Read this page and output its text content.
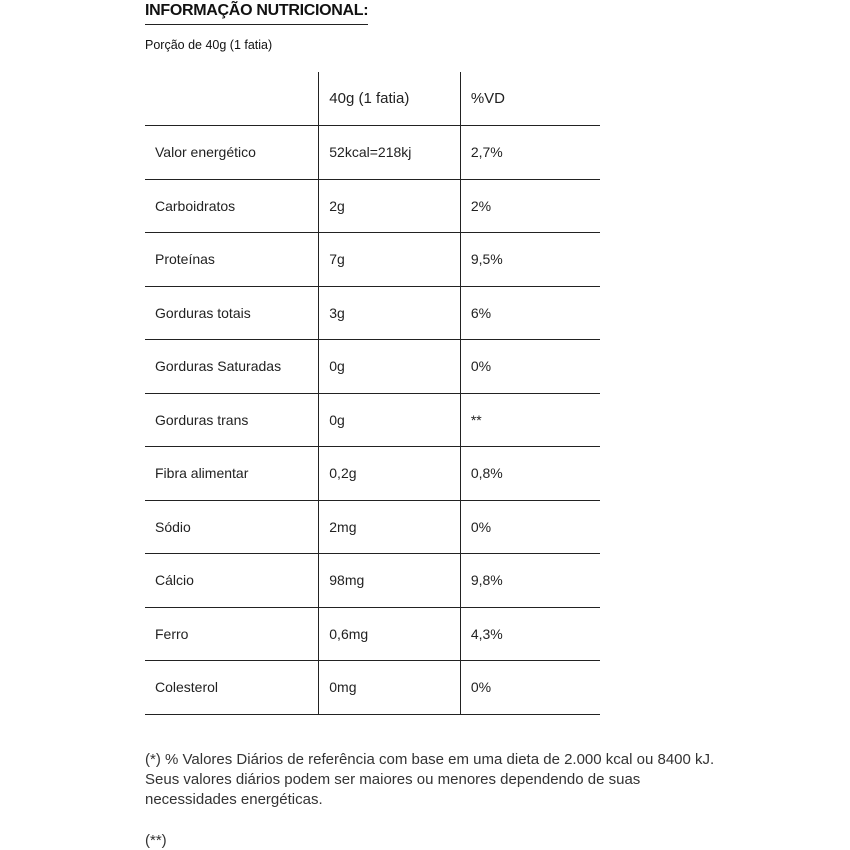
INFORMAÇÃO NUTRICIONAL:
Porção de 40g (1 fatia)
	40g (1 fatia)	%VD
Valor energético	52kcal=218kj	2,7%
Carboidratos	2g	2%
Proteínas	7g	9,5%
Gorduras totais	3g	6%
Gorduras Saturadas	0g	0%
Gorduras trans	0g	**
Fibra alimentar	0,2g	0,8%
Sódio	2mg	0%
Cálcio	98mg	9,8%
Ferro	0,6mg	4,3%
Colesterol	0mg	0%

(*) % Valores Diários de referência com base em uma dieta de 2.000 kcal ou 8400 kJ. Seus valores diários podem ser maiores ou menores dependendo de suas necessidades energéticas.

(**)
